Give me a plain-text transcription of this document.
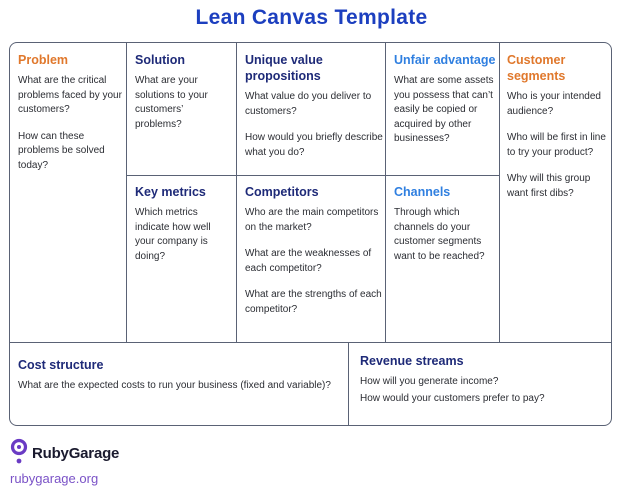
Lean Canvas Template
Problem

What are the critical problems faced by your customers?

How can these problems be solved today?

Solution

What are your solutions to your customers’ problems?

Unique value propositions

What value do you deliver to customers?

How would you briefly describe what you do?

Unfair advantage

What are some assets you possess that can’t easily be copied or acquired by other businesses?

Customer segments

Who is your intended audience?

Who will be first in line to try your product?

Why will this group want first dibs?

Key metrics

Which metrics indicate how well your company is doing?

Competitors

Who are the main competitors on the market?

What are the weaknesses of each competitor?

What are the strengths of each competitor?

Channels

Through which channels do your customer segments want to be reached?

Cost structure

What are the expected costs to run your business (fixed and variable)?

Revenue streams

How will you generate income?

How would your customers prefer to pay?

RubyGarage
rubygarage.org
